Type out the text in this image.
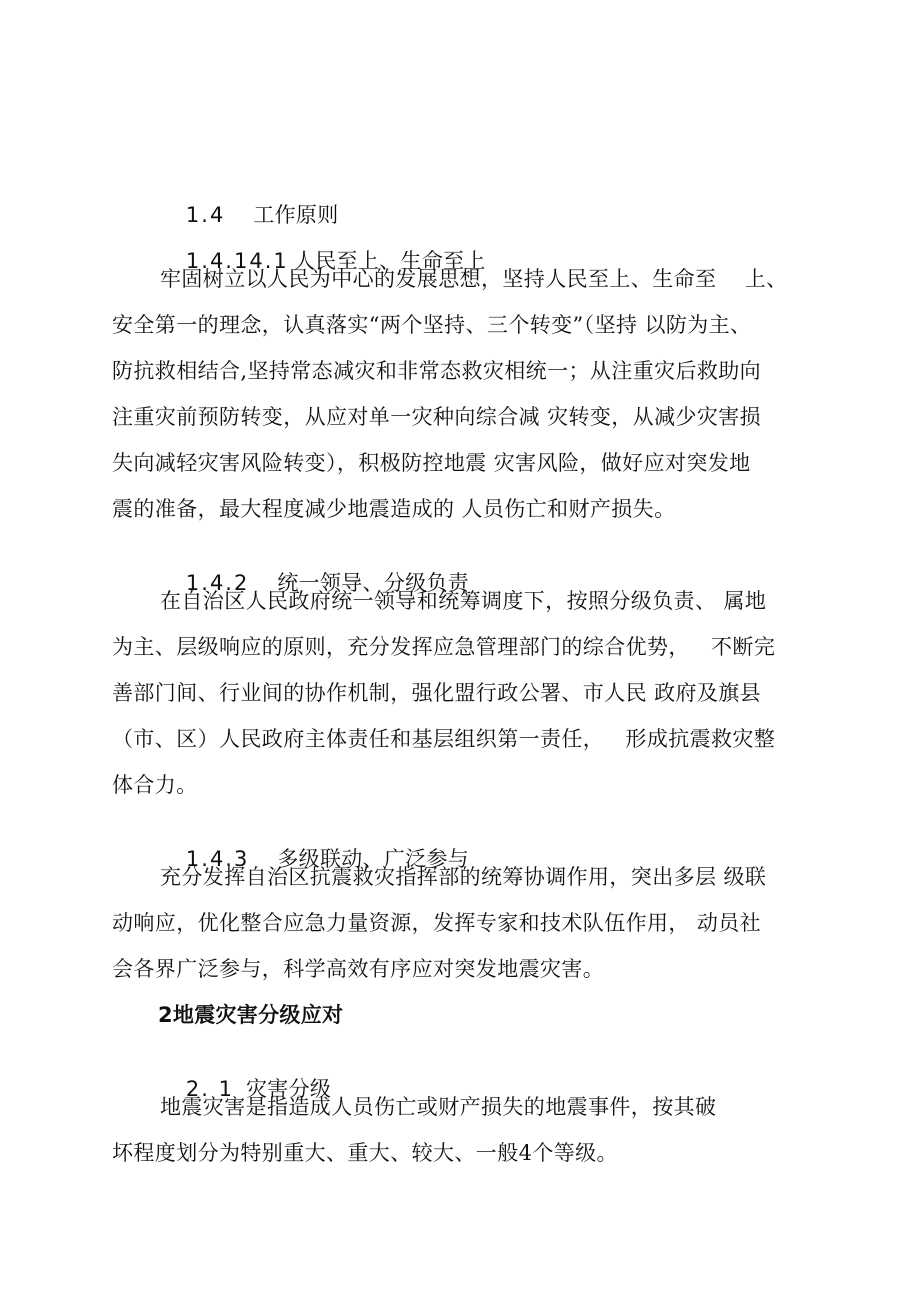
1.4 工作原则

1.4.14.1 人民至上、生命至上

牢固树立以人民为中心的发展思想，坚持人民至上、生命至    上、
安全第一的理念，认真落实“两个坚持、三个转变”（坚持 以防为主、
防抗救相结合,坚持常态减灾和非常态救灾相统一；从注重灾后救助向
注重灾前预防转变，从应对单一灾种向综合减 灾转变，从减少灾害损
失向减轻灾害风险转变），积极防控地震 灾害风险，做好应对突发地
震的准备，最大程度减少地震造成的 人员伤亡和财产损失。

1.4.2 统一领导、分级负责

在自治区人民政府统一领导和统筹调度下，按照分级负责、 属地
为主、层级响应的原则，充分发挥应急管理部门的综合优势，   不断完
善部门间、行业间的协作机制，强化盟行政公署、市人民 政府及旗县
（市、区）人民政府主体责任和基层组织第一责任，   形成抗震救灾整
体合力。

1.4.3 多级联动、广泛参与

充分发挥自治区抗震救灾指挥部的统筹协调作用，突出多层 级联
动响应，优化整合应急力量资源，发挥专家和技术队伍作用， 动员社
会各界广泛参与，科学高效有序应对突发地震灾害。
2地震灾害分级应对

2. 1 灾害分级

地震灾害是指造成人员伤亡或财产损失的地震事件，按其破
坏程度划分为特别重大、重大、较大、一般4个等级。
